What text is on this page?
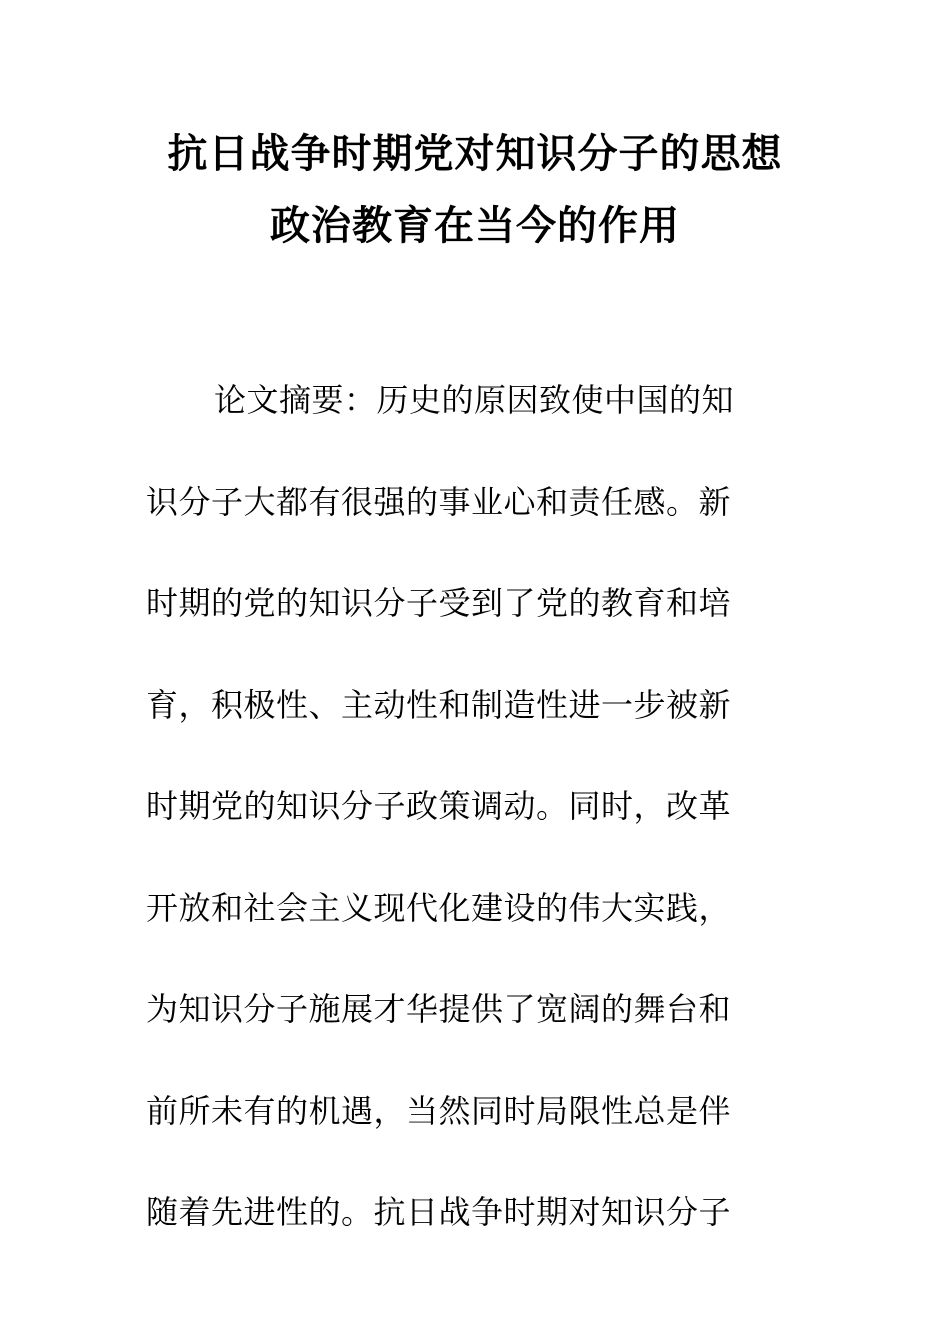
抗日战争时期党对知识分子的思想
政治教育在当今的作用
论文摘要：历史的原因致使中国的知
识分子大都有很强的事业心和责任感。新
时期的党的知识分子受到了党的教育和培
育，积极性、主动性和制造性进一步被新
时期党的知识分子政策调动。同时，改革
开放和社会主义现代化建设的伟大实践，
为知识分子施展才华提供了宽阔的舞台和
前所未有的机遇，当然同时局限性总是伴
随着先进性的。抗日战争时期对知识分子
